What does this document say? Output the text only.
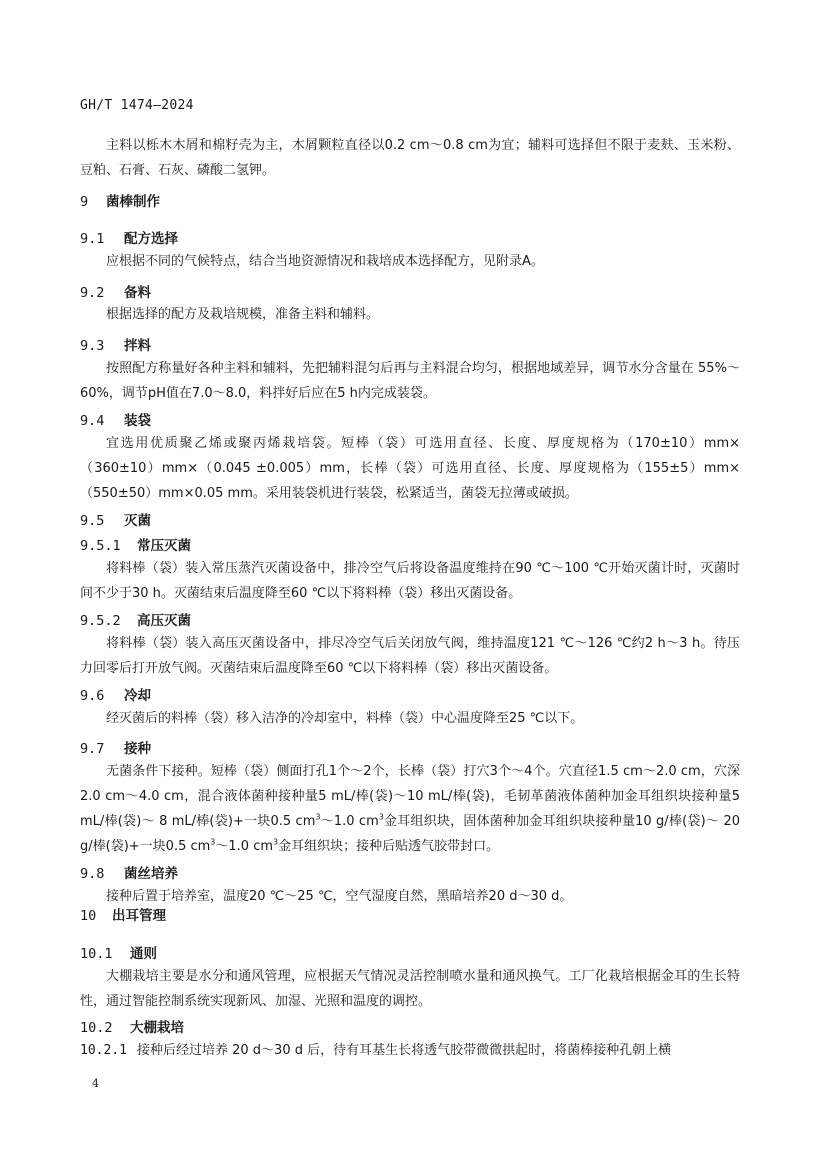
GH/T 1474—2024
主料以栎木木屑和棉籽壳为主，木屑颗粒直径以0.2 cm～0.8 cm为宜；辅料可选择但不限于麦麸、玉米粉、豆粕、石膏、石灰、磷酸二氢钾。
9 菌棒制作
9.1 配方选择
应根据不同的气候特点，结合当地资源情况和栽培成本选择配方，见附录A。
9.2 备料
根据选择的配方及栽培规模，准备主料和辅料。
9.3 拌料
按照配方称量好各种主料和辅料，先把辅料混匀后再与主料混合均匀，根据地域差异，调节水分含量在 55%～60%，调节pH值在7.0～8.0，料拌好后应在5 h内完成装袋。
9.4 装袋
宜选用优质聚乙烯或聚丙烯栽培袋。短棒（袋）可选用直径、长度、厚度规格为（170±10）mm×（360±10）mm×（0.045 ±0.005）mm，长棒（袋）可选用直径、长度、厚度规格为（155±5）mm×（550±50）mm×0.05 mm。采用装袋机进行装袋，松紧适当，菌袋无拉薄或破损。
9.5 灭菌
9.5.1 常压灭菌
将料棒（袋）装入常压蒸汽灭菌设备中，排冷空气后将设备温度维持在90 ℃～100 ℃开始灭菌计时，灭菌时间不少于30 h。灭菌结束后温度降至60 ℃以下将料棒（袋）移出灭菌设备。
9.5.2 高压灭菌
将料棒（袋）装入高压灭菌设备中，排尽冷空气后关闭放气阀，维持温度121 ℃～126 ℃约2 h～3 h。待压力回零后打开放气阀。灭菌结束后温度降至60 ℃以下将料棒（袋）移出灭菌设备。
9.6 冷却
经灭菌后的料棒（袋）移入洁净的冷却室中，料棒（袋）中心温度降至25 ℃以下。
9.7 接种
无菌条件下接种。短棒（袋）侧面打孔1个～2个，长棒（袋）打穴3个～4个。穴直径1.5 cm～2.0 cm，穴深2.0 cm～4.0 cm，混合液体菌种接种量5 mL/棒(袋)～10 mL/棒(袋)，毛韧革菌液体菌种加金耳组织块接种量5 mL/棒(袋)～ 8 mL/棒(袋)+一块0.5 $cm^3\sim 1.0$ $cm^3$金耳组织块，固体菌种加金耳组织块接种量10 g/棒(袋)～ 20 g/棒(袋)+一块0.5 $cm^3\sim 1.0$ $cm^3$金耳组织块；接种后贴透气胶带封口。
9.8 菌丝培养
接种后置于培养室，温度20 ℃～25 ℃，空气湿度自然，黑暗培养20 d～30 d。
10 出耳管理
10.1 通则
大棚栽培主要是水分和通风管理，应根据天气情况灵活控制喷水量和通风换气。工厂化栽培根据金耳的生长特性，通过智能控制系统实现新风、加湿、光照和温度的调控。
10.2 大棚栽培
10.2.1 接种后经过培养 20 d～30 d 后，待有耳基生长将透气胶带微微拱起时，将菌棒接种孔朝上横
4
